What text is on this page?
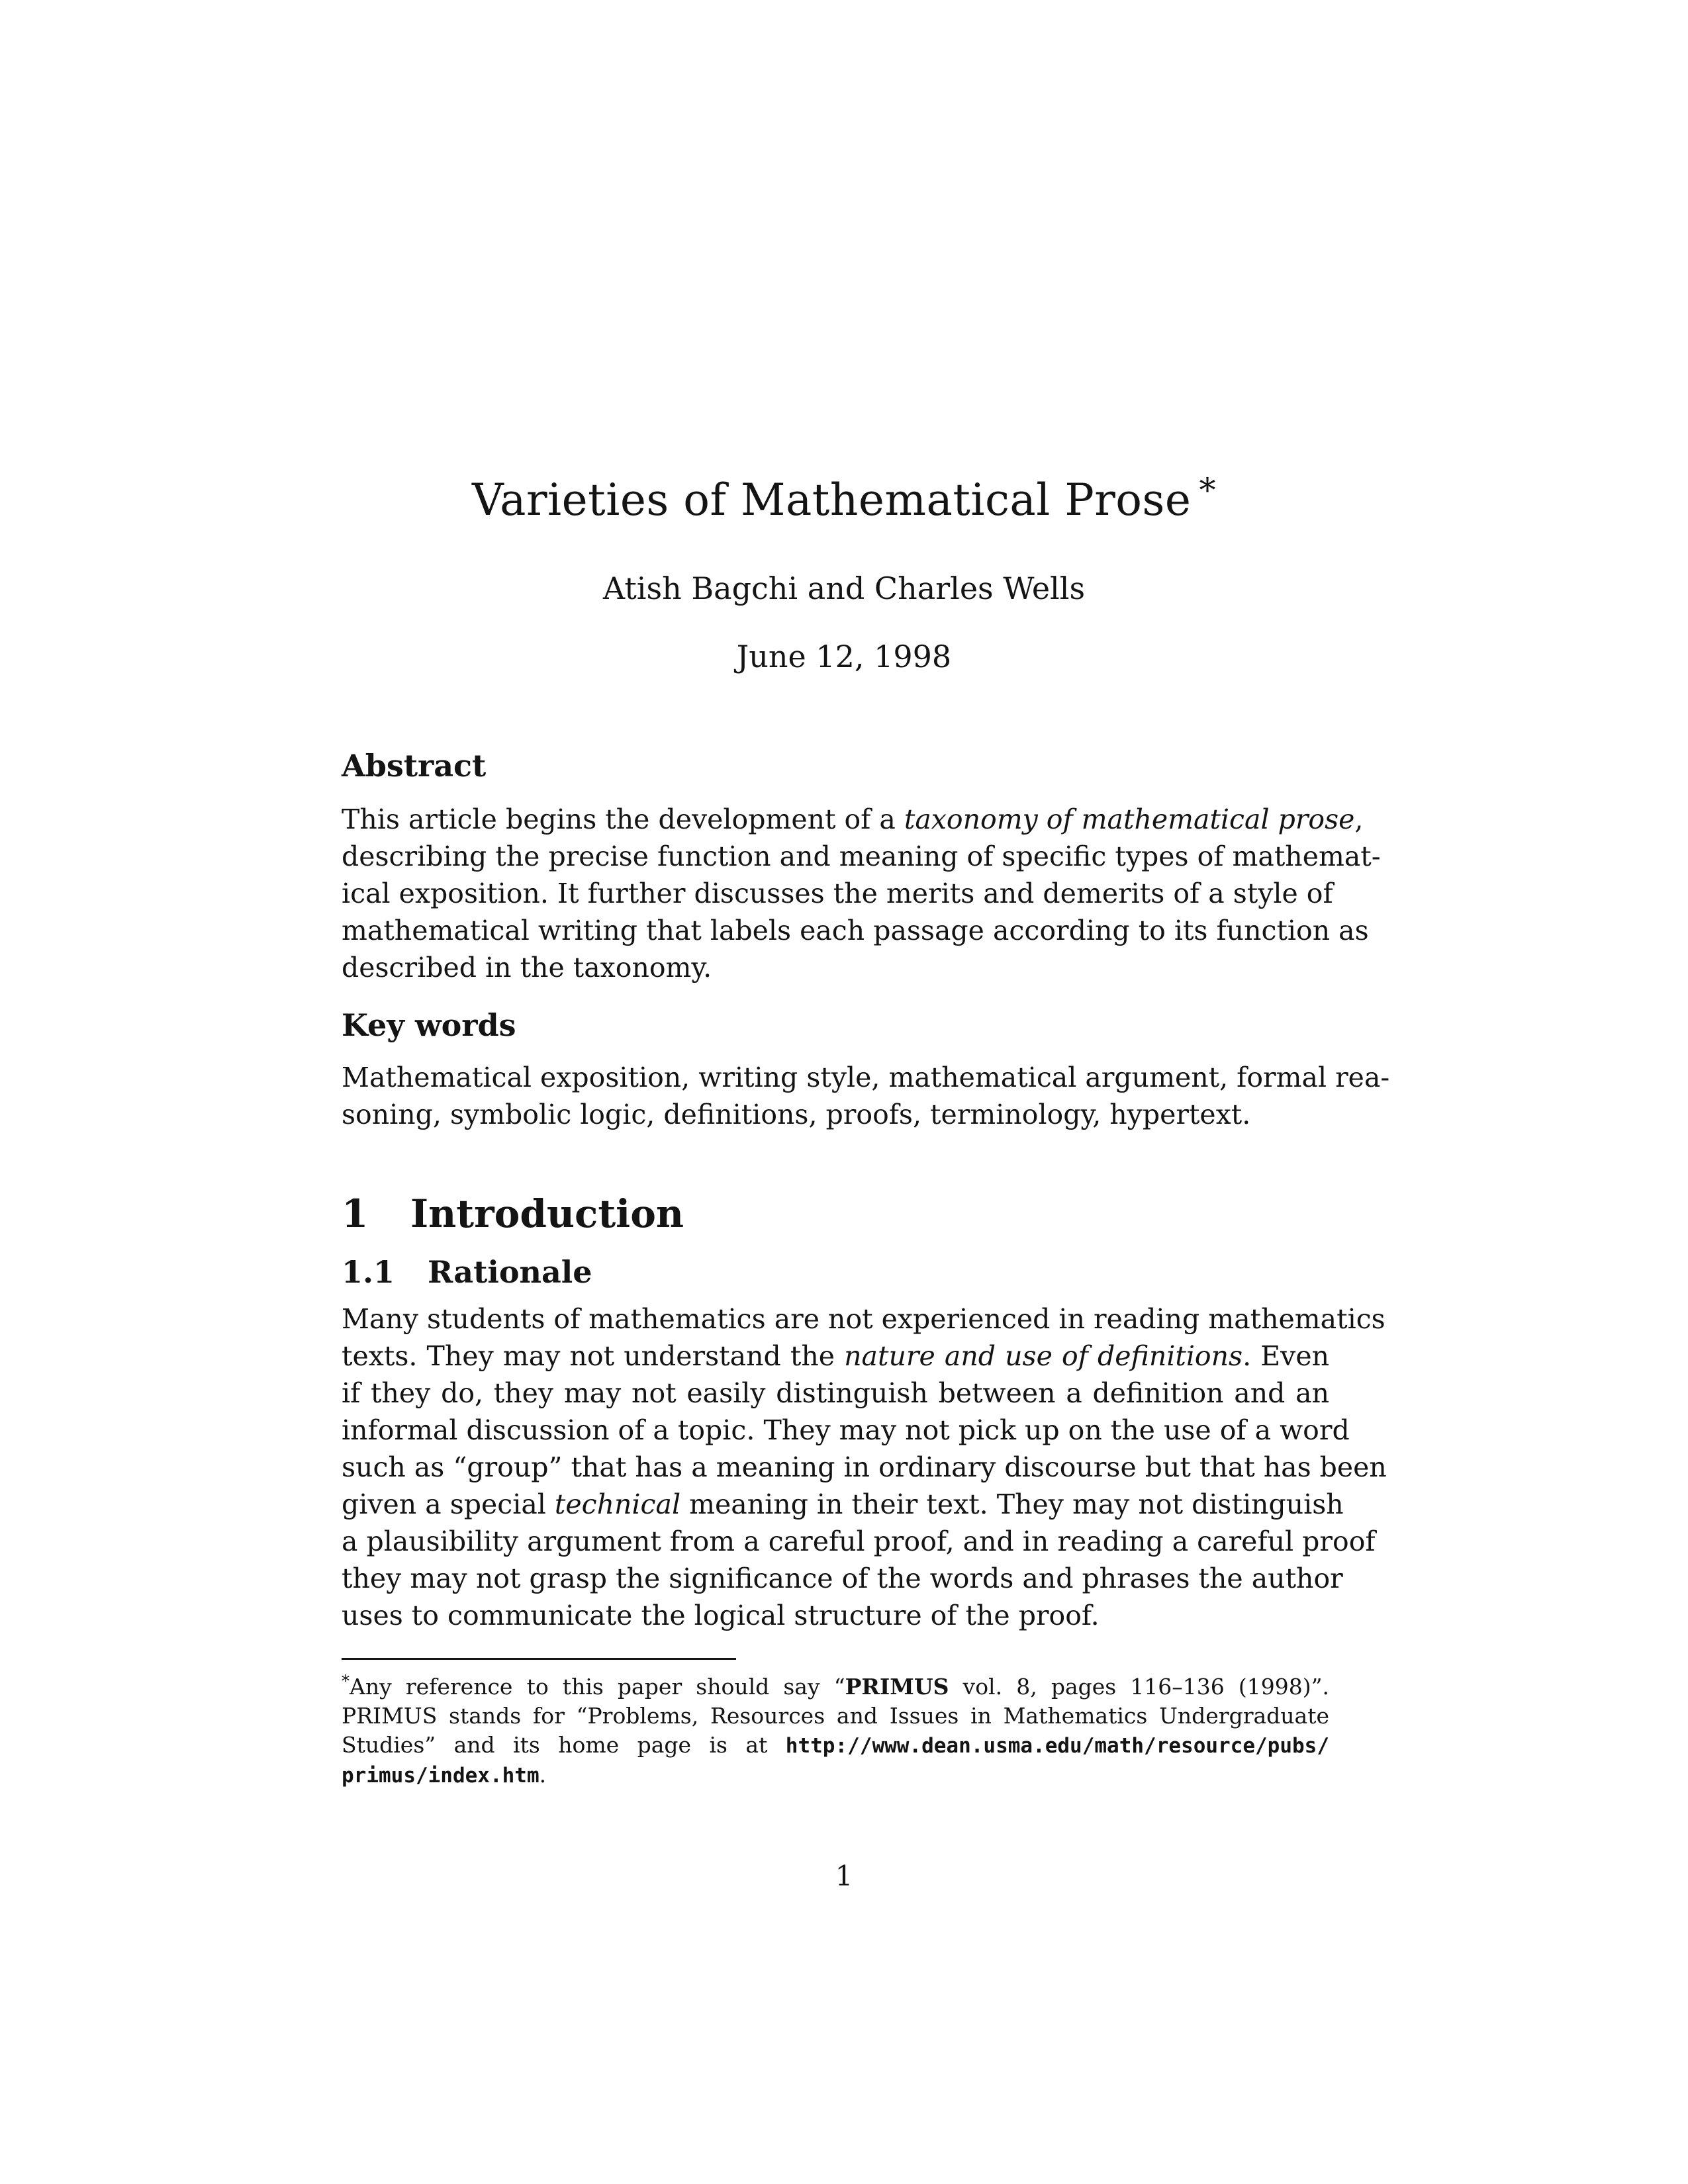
Varieties of Mathematical Prose *
Atish Bagchi and Charles Wells
June 12, 1998
Abstract
This article begins the development of a taxonomy of mathematical prose,
describing the precise function and meaning of specific types of mathemat-
ical exposition. It further discusses the merits and demerits of a style of
mathematical writing that labels each passage according to its function as
described in the taxonomy.
Key words
Mathematical exposition, writing style, mathematical argument, formal rea-
soning, symbolic logic, definitions, proofs, terminology, hypertext.
1 Introduction
1.1 Rationale
Many students of mathematics are not experienced in reading mathematics
texts. They may not understand the nature and use of definitions. Even
if they do, they may not easily distinguish between a definition and an
informal discussion of a topic. They may not pick up on the use of a word
such as “group” that has a meaning in ordinary discourse but that has been
given a special technical meaning in their text. They may not distinguish
a plausibility argument from a careful proof, and in reading a careful proof
they may not grasp the significance of the words and phrases the author
uses to communicate the logical structure of the proof.
*Any reference to this paper should say “PRIMUS vol. 8, pages 116–136 (1998)”.
PRIMUS stands for “Problems, Resources and Issues in Mathematics Undergraduate
Studies” and its home page is at http://www.dean.usma.edu/math/resource/pubs/
primus/index.htm.
1
